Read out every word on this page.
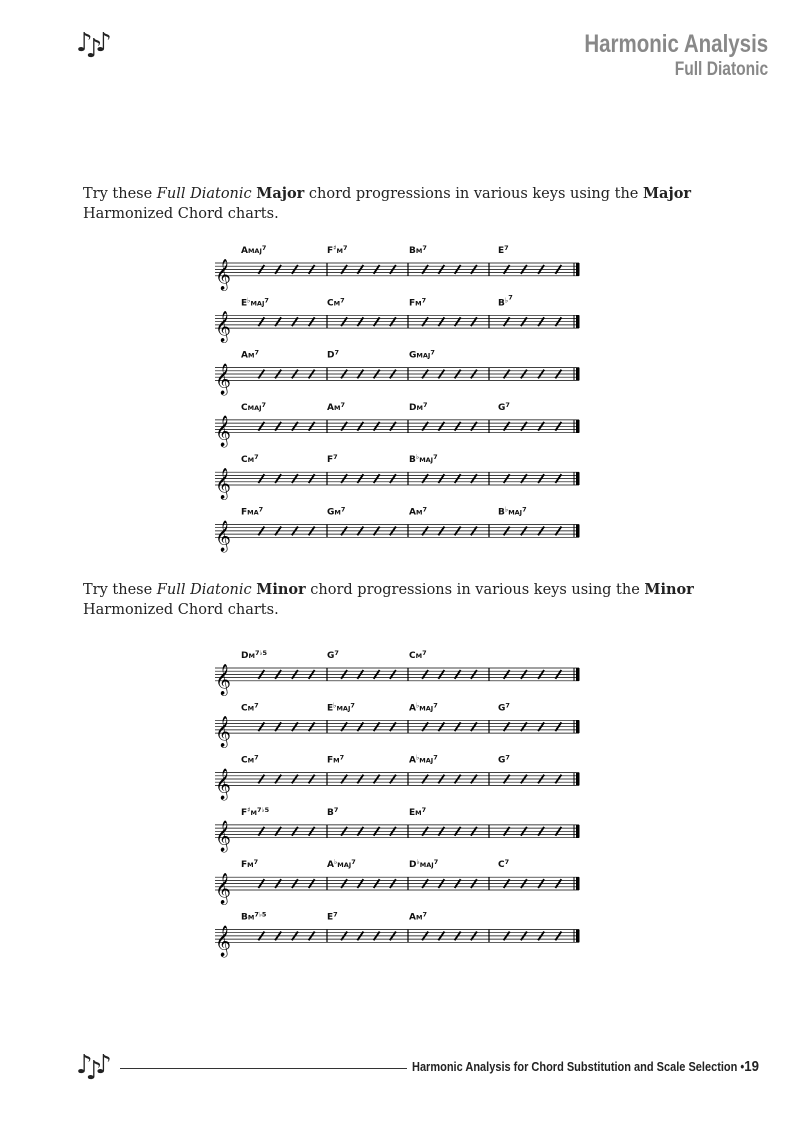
♪♪♪	Harmonic Analysis
Full Diatonic

Try these Full Diatonic Major chord progressions in various keys using the Major Harmonized Chord charts.

𝄞
AMAJ$^7$	$F♯_M^7$	$BM^7$	$E^7$
𝄞
$E♭_{MAJ}^7$	$CM^7$	$FM^7$	B♭$^7$
𝄞
$AM^7$	$D^7$	GMAJ$^7$
𝄞
CMAJ$^7$	$AM^7$	$DM^7$	$G^7$
𝄞
$CM^7$	$F^7$	$B♭_{MAJ}^7$
𝄞
FMA$^7$	$GM^7$	$AM^7$	$B♭_{MAJ}^7$

Try these Full Diatonic Minor chord progressions in various keys using the Minor Harmonized Chord charts.

𝄞
$DM^{7♭5}$	$G^7$	$CM^7$
𝄞
$CM^7$	$E♭_{MAJ}^7$	$A♭_{MAJ}^7$	$G^7$
𝄞
$CM^7$	$FM^7$	$A♭_{MAJ}^7$	$G^7$
𝄞
$F♯_M^{7♭5}$	$B^7$	$EM^7$
𝄞
$FM^7$	$A♭_{MAJ}^7$	$D♭_{MAJ}^7$	$C^7$
𝄞
$BM^{7♭5}$	$E^7$	$AM^7$
♪♪♪	Harmonic Analysis for Chord Substitution and Scale Selection •19
